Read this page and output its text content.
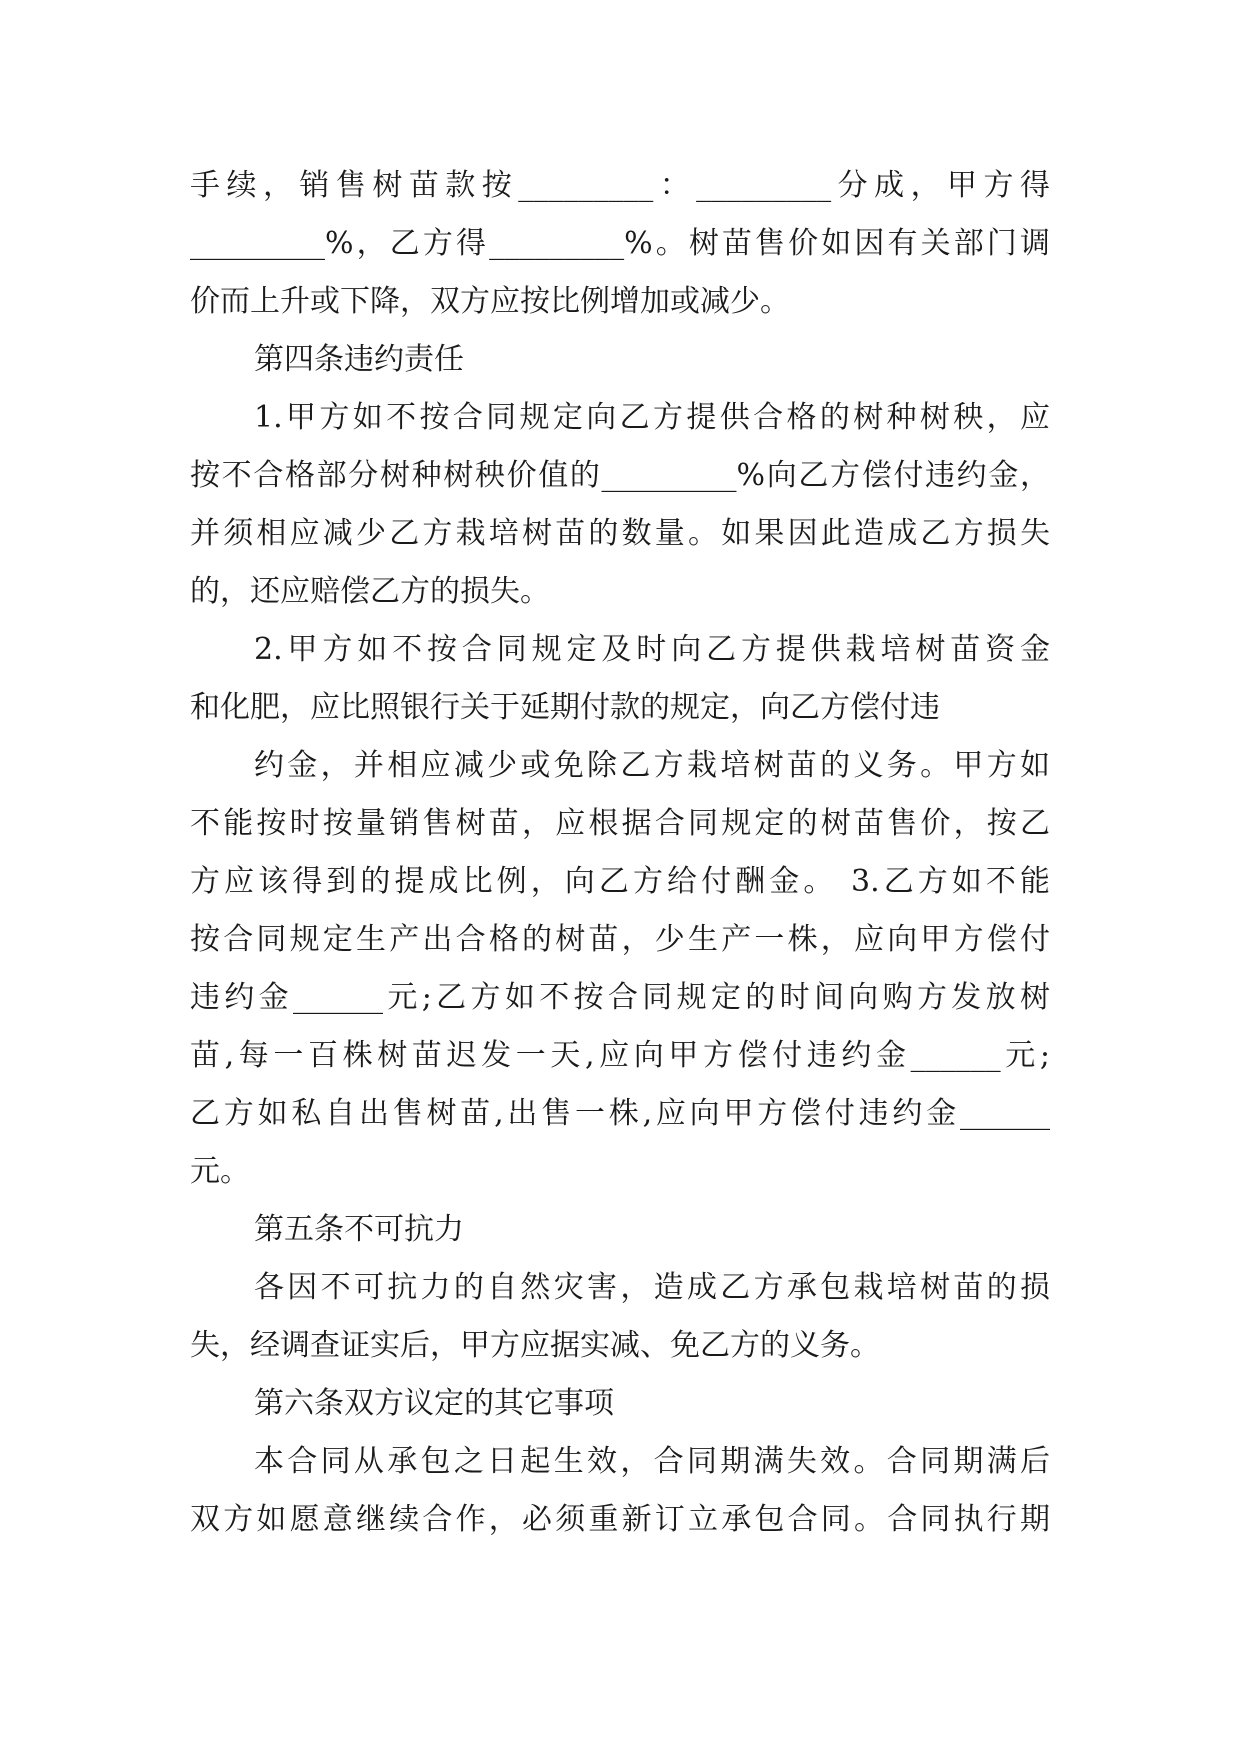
手续，销售树苗款按_________：_________分成，甲方得
_________%，乙方得_________%。树苗售价如因有关部门调
价而上升或下降，双方应按比例增加或减少。
第四条违约责任
1.甲方如不按合同规定向乙方提供合格的树种树秧，应
按不合格部分树种树秧价值的_________%向乙方偿付违约金，
并须相应减少乙方栽培树苗的数量。如果因此造成乙方损失
的，还应赔偿乙方的损失。
2.甲方如不按合同规定及时向乙方提供栽培树苗资金
和化肥，应比照银行关于延期付款的规定，向乙方偿付违
约金，并相应减少或免除乙方栽培树苗的义务。甲方如
不能按时按量销售树苗，应根据合同规定的树苗售价，按乙
方应该得到的提成比例，向乙方给付酬金。 3.乙方如不能
按合同规定生产出合格的树苗，少生产一株，应向甲方偿付
违约金______元;乙方如不按合同规定的时间向购方发放树
苗,每一百株树苗迟发一天,应向甲方偿付违约金______元;
乙方如私自出售树苗,出售一株,应向甲方偿付违约金______
元。
第五条不可抗力
各因不可抗力的自然灾害，造成乙方承包栽培树苗的损
失，经调查证实后，甲方应据实减、免乙方的义务。
第六条双方议定的其它事项
本合同从承包之日起生效，合同期满失效。合同期满后
双方如愿意继续合作，必须重新订立承包合同。合同执行期
